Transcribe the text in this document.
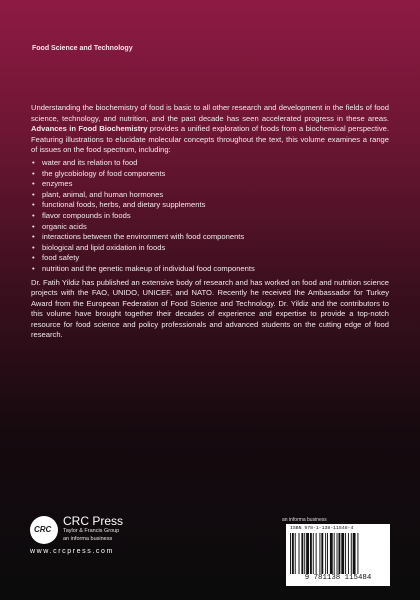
Food Science and Technology

Understanding the biochemistry of food is basic to all other research and development in the fields of food science, technology, and nutrition, and the past decade has seen accelerated progress in these areas. Advances in Food Biochemistry provides a unified exploration of foods from a biochemical perspective. Featuring illustrations to elucidate molecular concepts throughout the text, this volume examines a range of issues on the food spectrum, including:

• water and its relation to food
• the glycobiology of food components
• enzymes
• plant, animal, and human hormones
• functional foods, herbs, and dietary supplements
• flavor compounds in foods
• organic acids
• interactions between the environment with food components
• biological and lipid oxidation in foods
• food safety
• nutrition and the genetic makeup of individual food components

Dr. Fatih Yildiz has published an extensive body of research and has worked on food and nutrition science projects with the FAO, UNIDO, UNICEF, and NATO. Recently he received the Ambassador for Turkey Award from the European Federation of Food Science and Technology. Dr. Yildiz and the contributors to this volume have brought together their decades of experience and expertise to provide a top-notch resource for food science and policy professionals and advanced students on the cutting edge of food research.

CRC
CRC Press
Taylor & Francis Group
an informa business
www.crcpress.com
an informa business
ISBN 978-1-138-11548-4
9 781138 115484
